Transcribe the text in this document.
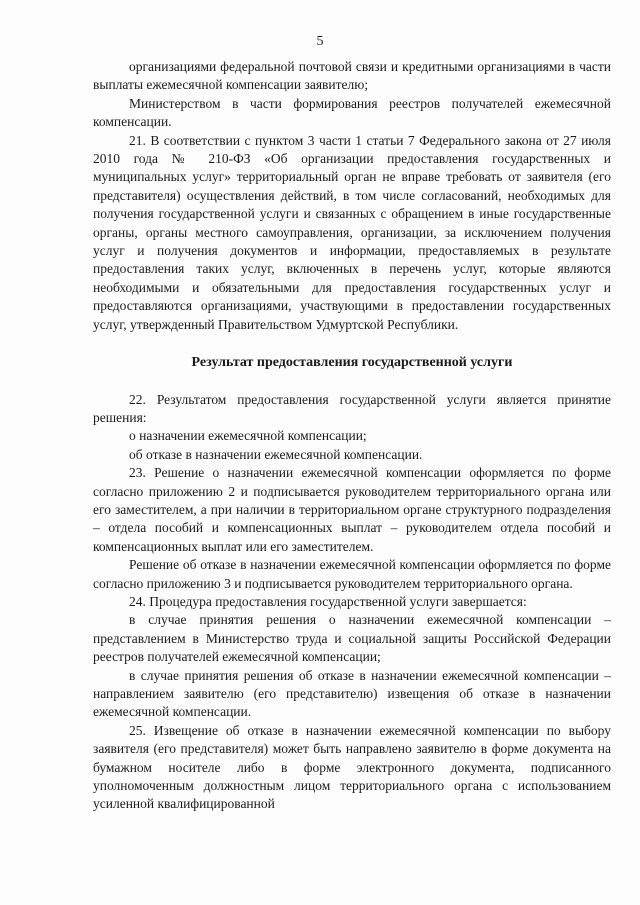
5

организациями федеральной почтовой связи и кредитными организациями в части выплаты ежемесячной компенсации заявителю;

Министерством в части формирования реестров получателей ежемесячной компенсации.

21. В соответствии с пунктом 3 части 1 статьи 7 Федерального закона от 27 июля 2010 года № 210-ФЗ «Об организации предоставления государственных и муниципальных услуг» территориальный орган не вправе требовать от заявителя (его представителя) осуществления действий, в том числе согласований, необходимых для получения государственной услуги и связанных с обращением в иные государственные органы, органы местного самоуправления, организации, за исключением получения услуг и получения документов и информации, предоставляемых в результате предоставления таких услуг, включенных в перечень услуг, которые являются необходимыми и обязательными для предоставления государственных услуг и предоставляются организациями, участвующими в предоставлении государственных услуг, утвержденный Правительством Удмуртской Республики.

Результат предоставления государственной услуги

22. Результатом предоставления государственной услуги является принятие решения:

о назначении ежемесячной компенсации;

об отказе в назначении ежемесячной компенсации.

23. Решение о назначении ежемесячной компенсации оформляется по форме согласно приложению 2 и подписывается руководителем территориального органа или его заместителем, а при наличии в территориальном органе структурного подразделения – отдела пособий и компенсационных выплат – руководителем отдела пособий и компенсационных выплат или его заместителем.

Решение об отказе в назначении ежемесячной компенсации оформляется по форме согласно приложению 3 и подписывается руководителем территориального органа.

24. Процедура предоставления государственной услуги завершается:

в случае принятия решения о назначении ежемесячной компенсации – представлением в Министерство труда и социальной защиты Российской Федерации реестров получателей ежемесячной компенсации;

в случае принятия решения об отказе в назначении ежемесячной компенсации – направлением заявителю (его представителю) извещения об отказе в назначении ежемесячной компенсации.

25. Извещение об отказе в назначении ежемесячной компенсации по выбору заявителя (его представителя) может быть направлено заявителю в форме документа на бумажном носителе либо в форме электронного документа, подписанного уполномоченным должностным лицом территориального органа с использованием усиленной квалифицированной
